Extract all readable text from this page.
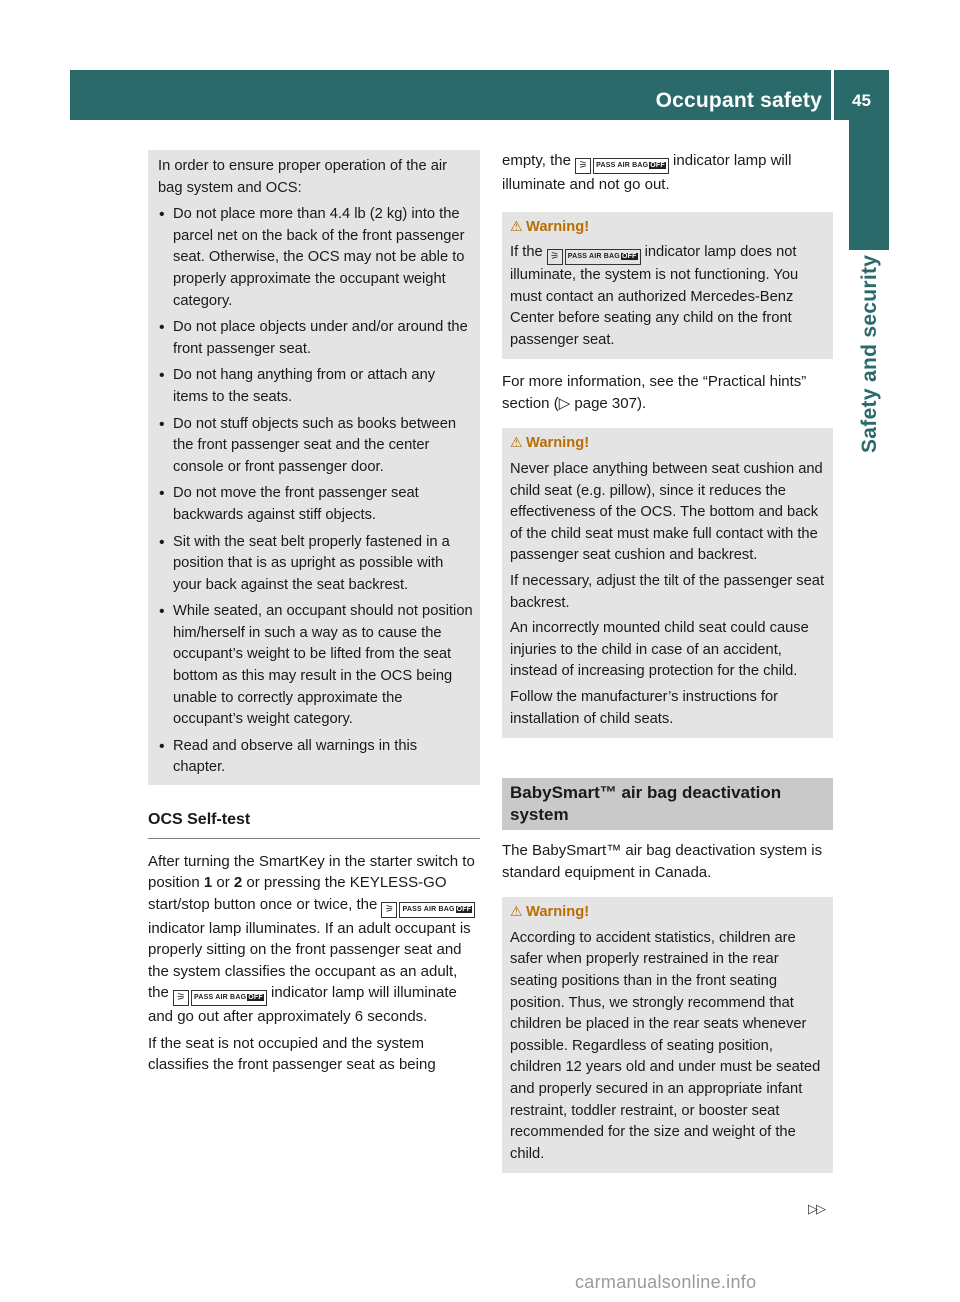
Occupant safety	45
Safety and security

In order to ensure proper operation of the air bag system and OCS:

• Do not place more than 4.4 lb (2 kg) into the parcel net on the back of the front passenger seat. Otherwise, the OCS may not be able to properly approximate the occupant weight category.
• Do not place objects under and/or around the front passenger seat.
• Do not hang anything from or attach any items to the seats.
• Do not stuff objects such as books between the front passenger seat and the center console or front passenger door.
• Do not move the front passenger seat backwards against stiff objects.
• Sit with the seat belt properly fastened in a position that is as upright as possible with your back against the seat backrest.
• While seated, an occupant should not position him/herself in such a way as to cause the occupant’s weight to be lifted from the seat bottom as this may result in the OCS being unable to correctly approximate the occupant’s weight category.
• Read and observe all warnings in this chapter.
OCS Self-test

After turning the SmartKey in the starter switch to position 1 or 2 or pressing the KEYLESS-GO start/stop button once or twice, the ⚞	PASS AIR BAG OFF
indicator lamp illuminates. If an adult occupant is properly sitting on the front passenger seat and the system classifies the occupant as an adult, the ⚞	PASS AIR BAG OFF indicator lamp will illuminate and go out after approximately 6 seconds.

If the seat is not occupied and the system classifies the front passenger seat as being

empty, the ⚞	PASS AIR BAG OFF indicator lamp will illuminate and not go out.

⚠ Warning!

If the ⚞	PASS AIR BAG OFF indicator lamp does not illuminate, the system is not functioning. You must contact an authorized Mercedes-Benz Center before seating any child on the front passenger seat.

For more information, see the “Practical hints” section (▷ page 307).

⚠ Warning!

Never place anything between seat cushion and child seat (e.g. pillow), since it reduces the effectiveness of the OCS. The bottom and back of the child seat must make full contact with the passenger seat cushion and backrest.

If necessary, adjust the tilt of the passenger seat backrest.

An incorrectly mounted child seat could cause injuries to the child in case of an accident, instead of increasing protection for the child.

Follow the manufacturer’s instructions for installation of child seats.

BabySmart™ air bag deactivation system

The BabySmart™ air bag deactivation system is standard equipment in Canada.

⚠ Warning!

According to accident statistics, children are safer when properly restrained in the rear seating positions than in the front seating position. Thus, we strongly recommend that children be placed in the rear seats whenever possible. Regardless of seating position, children 12 years old and under must be seated and properly secured in an appropriate infant restraint, toddler restraint, or booster seat recommended for the size and weight of the child.

▷▷
carmanualsonline.info
